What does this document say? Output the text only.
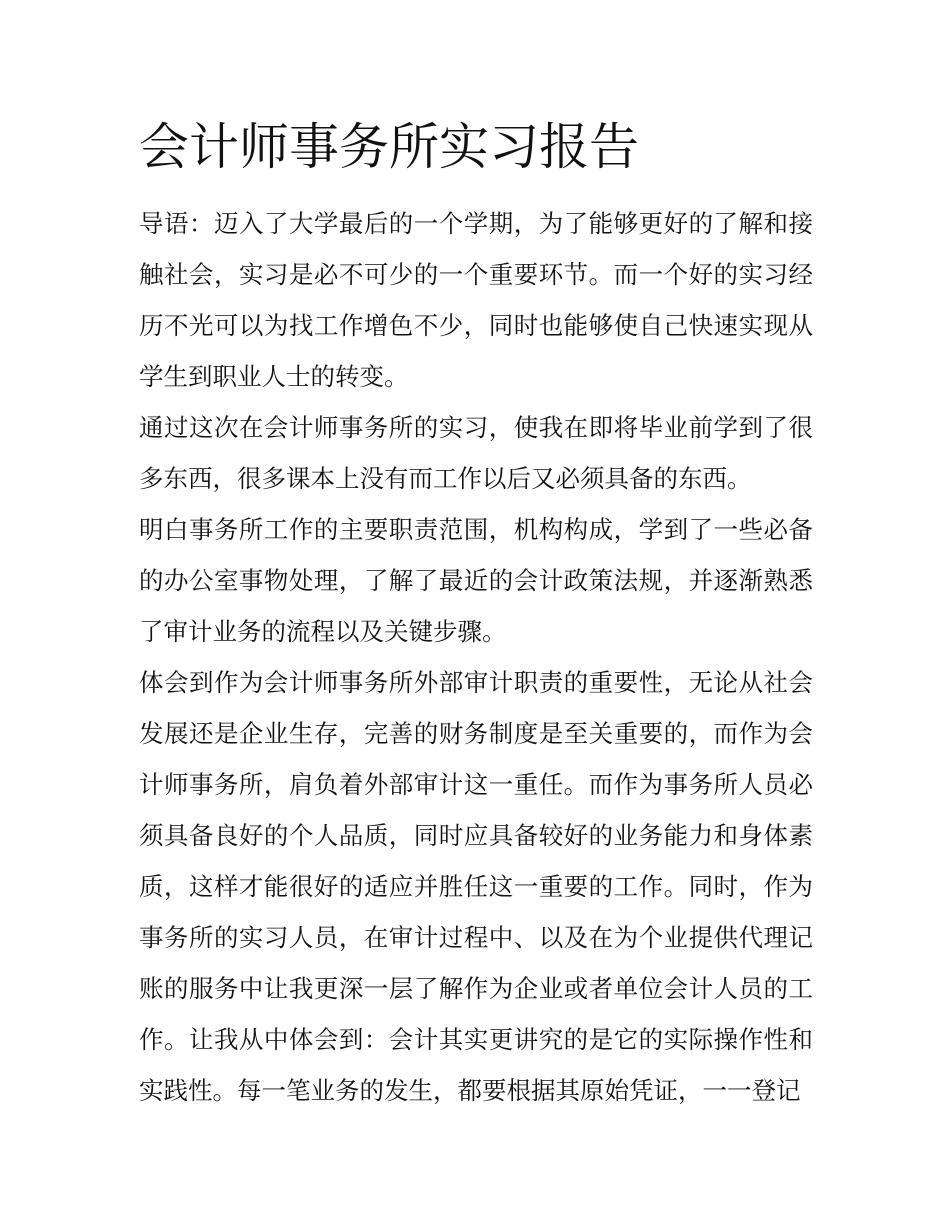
会计师事务所实习报告

导语：迈入了大学最后的一个学期，为了能够更好的了解和接触社会，实习是必不可少的一个重要环节。而一个好的实习经历不光可以为找工作增色不少，同时也能够使自己快速实现从学生到职业人士的转变。

通过这次在会计师事务所的实习，使我在即将毕业前学到了很多东西，很多课本上没有而工作以后又必须具备的东西。

明白事务所工作的主要职责范围，机构构成，学到了一些必备的办公室事物处理，了解了最近的会计政策法规，并逐渐熟悉了审计业务的流程以及关键步骤。

体会到作为会计师事务所外部审计职责的重要性，无论从社会发展还是企业生存，完善的财务制度是至关重要的，而作为会计师事务所，肩负着外部审计这一重任。而作为事务所人员必须具备良好的个人品质，同时应具备较好的业务能力和身体素质，这样才能很好的适应并胜任这一重要的工作。同时，作为事务所的实习人员，在审计过程中、以及在为个业提供代理记账的服务中让我更深一层了解作为企业或者单位会计人员的工作。让我从中体会到：会计其实更讲究的是它的实际操作性和实践性。每一笔业务的发生，都要根据其原始凭证，一一登记
